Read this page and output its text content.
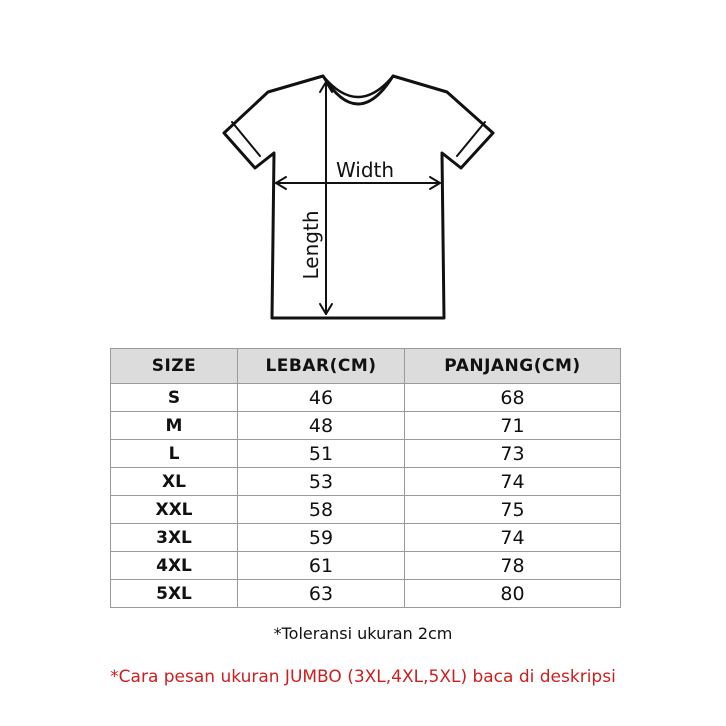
Width
Length
SIZE	LEBAR(CM)	PANJANG(CM)
S	46	68
M	48	71
L	51	73
XL	53	74
XXL	58	75
3XL	59	74
4XL	61	78
5XL	63	80

*Toleransi ukuran 2cm

*Cara pesan ukuran JUMBO (3XL,4XL,5XL) baca di deskripsi
